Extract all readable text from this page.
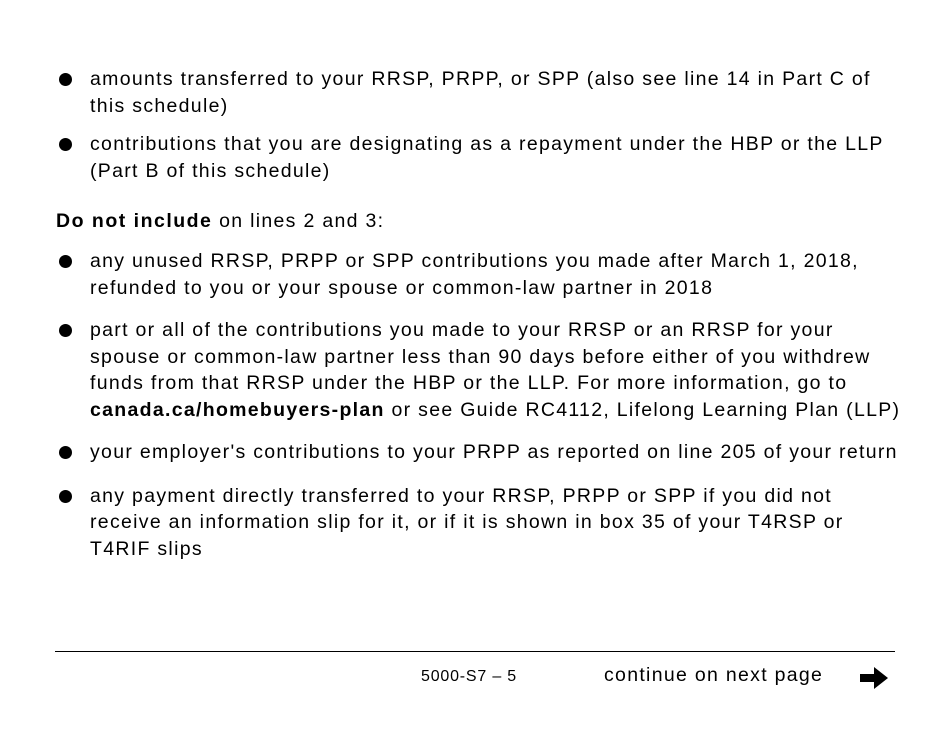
amounts transferred to your RRSP, PRPP, or SPP (also see line 14 in Part C of this schedule)
contributions that you are designating as a repayment under the HBP or the LLP (Part B of this schedule)
Do not include on lines 2 and 3:
any unused RRSP, PRPP or SPP contributions you made after March 1, 2018, refunded to you or your spouse or common-law partner in 2018
part or all of the contributions you made to your RRSP or an RRSP for your spouse or common-law partner less than 90 days before either of you withdrew funds from that RRSP under the HBP or the LLP. For more information, go to canada.ca/homebuyers-plan or see Guide RC4112, Lifelong Learning Plan (LLP)
your employer's contributions to your PRPP as reported on line 205 of your return
any payment directly transferred to your RRSP, PRPP or SPP if you did not receive an information slip for it, or if it is shown in box 35 of your T4RSP or T4RIF slips
5000-S7 – 5	continue on next page
